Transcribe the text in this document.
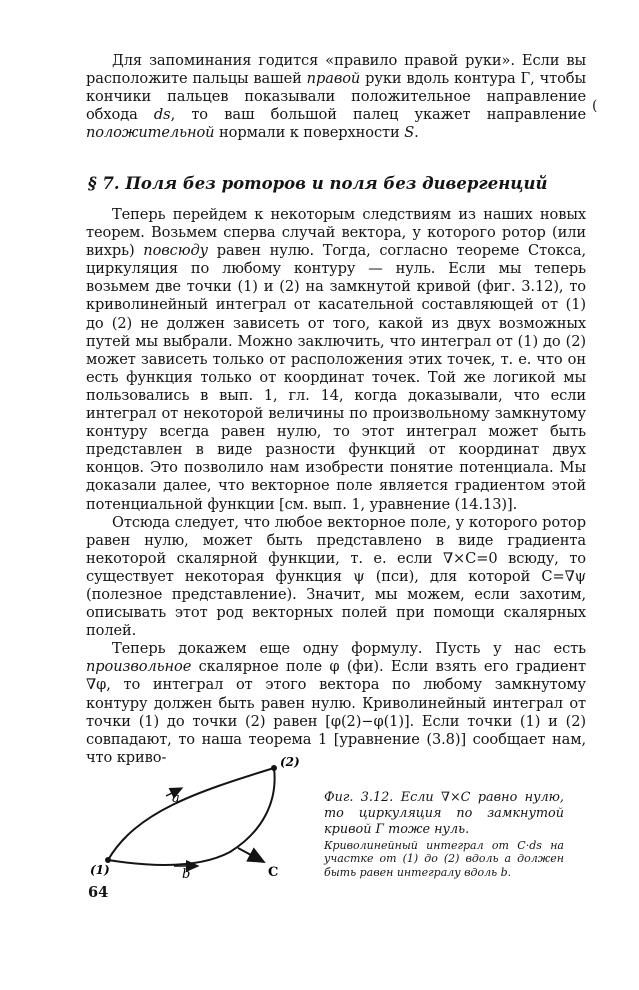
Для запоминания годится «правило правой руки». Если вы расположите пальцы вашей правой руки вдоль контура Г, чтобы кончики пальцев показывали положительное направление обхода ds, то ваш большой палец укажет направление положительной нормали к поверхности S.

(
§ 7. Поля без роторов и поля без дивергенций

Теперь перейдем к некоторым следствиям из наших новых теорем. Возьмем сперва случай вектора, у которого ротор (или вихрь) повсюду равен нулю. Тогда, согласно теореме Стокса, циркуляция по любому контуру — нуль. Если мы теперь возьмем две точки (1) и (2) на замкнутой кривой (фиг. 3.12), то криволинейный интеграл от касательной составляющей от (1) до (2) не должен зависеть от того, какой из двух возможных путей мы выбрали. Можно заключить, что интеграл от (1) до (2) может зависеть только от расположения этих точек, т. е. что он есть функция только от координат точек. Той же логикой мы пользовались в вып. 1, гл. 14, когда доказывали, что если интеграл от некоторой величины по произвольному замкнутому контуру всегда равен нулю, то этот интеграл может быть представлен в виде разности функций от координат двух концов. Это позволило нам изобрести понятие потенциала. Мы доказали далее, что векторное поле является градиентом этой потенциальной функции [см. вып. 1, уравнение (14.13)].

Отсюда следует, что любое векторное поле, у которого ротор равен нулю, может быть представлено в виде градиента некоторой скалярной функции, т. е. если ∇×C=0 всюду, то существует некоторая функция ψ (пси), для которой C=∇ψ (полезное представление). Значит, мы можем, если захотим, описывать этот род векторных полей при помощи скалярных полей.

Теперь докажем еще одну формулу. Пусть у нас есть произвольное скалярное поле φ (фи). Если взять его градиент ∇φ, то интеграл от этого вектора по любому замкнутому контуру должен быть равен нулю. Криволинейный интеграл от точки (1) до точки (2) равен [φ(2)−φ(1)]. Если точки (1) и (2) совпадают, то наша теорема 1 [уравнение (3.8)] сообщает нам, что криво-	(2)
(1)
a
b	C

Фиг. 3.12. Если ∇×C равно нулю, то циркуляция по замкнутой кривой Г тоже нуль.

Криволинейный интеграл от C·ds на участке от (1) до (2) вдоль a должен быть равен интегралу вдоль b.

64
